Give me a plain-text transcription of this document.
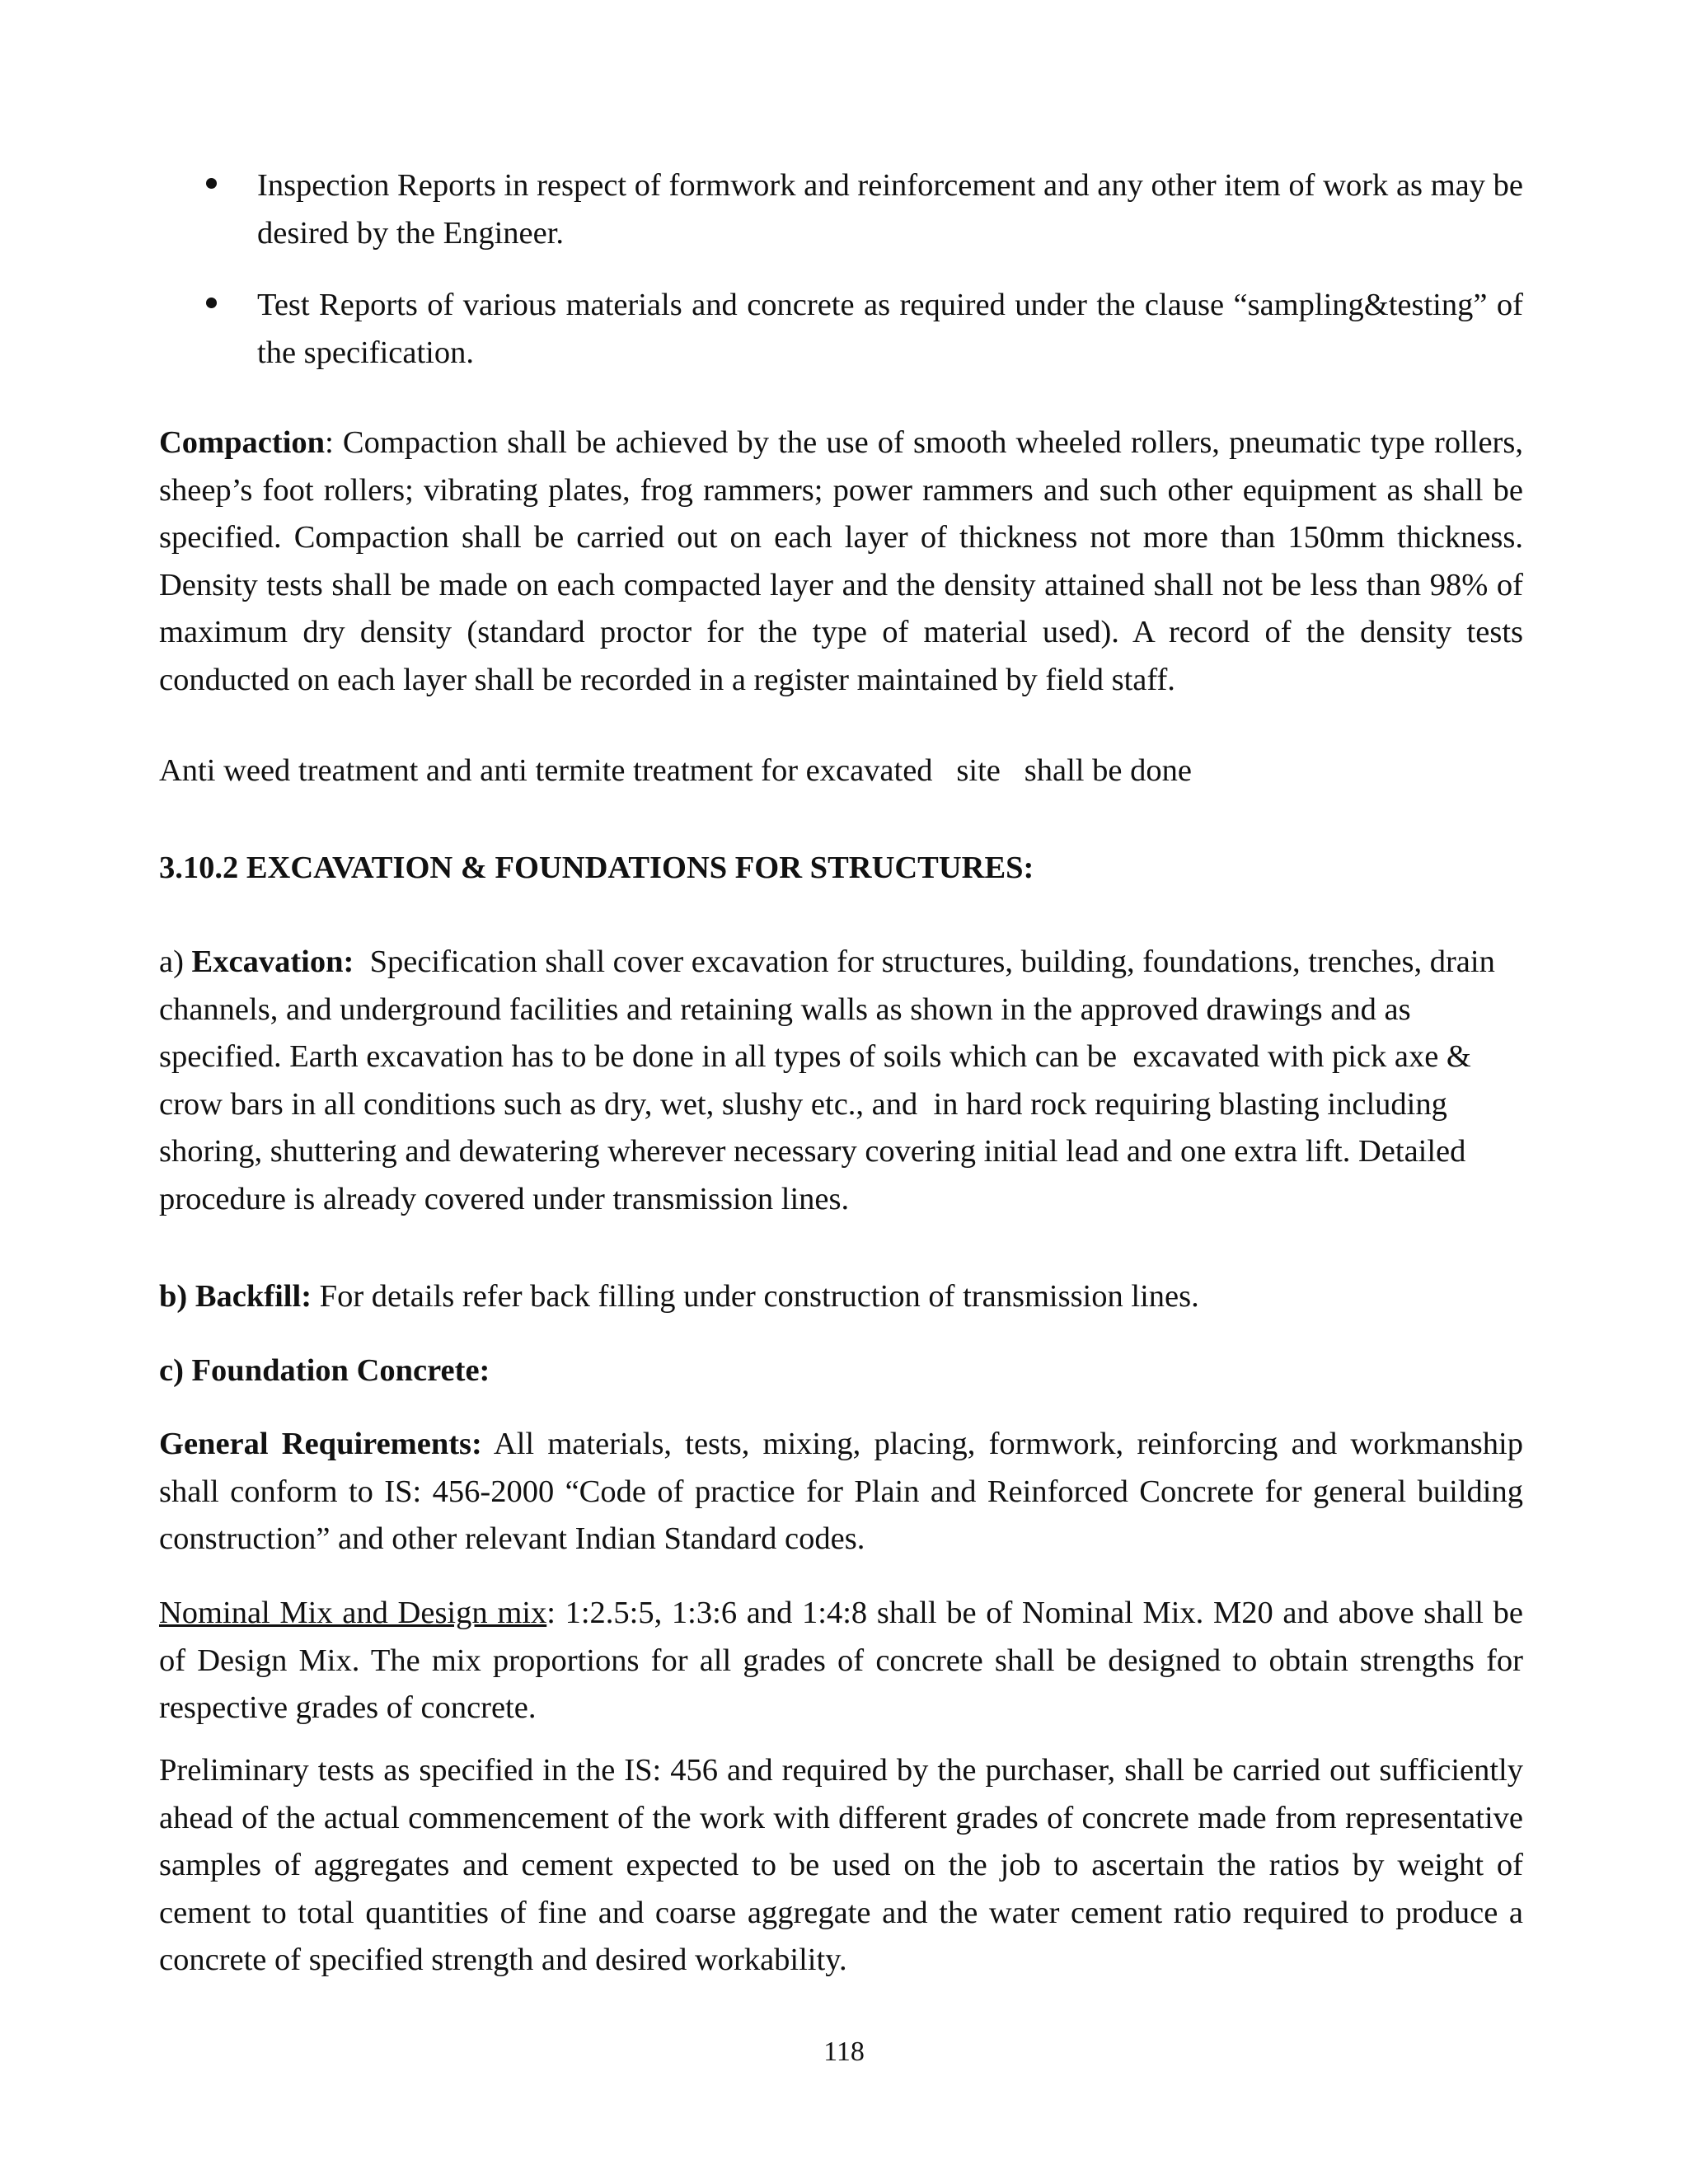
Inspection Reports in respect of formwork and reinforcement and any other item of work as may be desired by the Engineer.
Test Reports of various materials and concrete as required under the clause “sampling&testing” of the specification.
Compaction: Compaction shall be achieved by the use of smooth wheeled rollers, pneumatic type rollers, sheep’s foot rollers; vibrating plates, frog rammers; power rammers and such other equipment as shall be specified. Compaction shall be carried out on each layer of thickness not more than 150mm thickness. Density tests shall be made on each compacted layer and the density attained shall not be less than 98% of maximum dry density (standard proctor for the type of material used). A record of the density tests conducted on each layer shall be recorded in a register maintained by field staff.
Anti weed treatment and anti termite treatment for excavated   site   shall be done
3.10.2 EXCAVATION & FOUNDATIONS FOR STRUCTURES:
a) Excavation:  Specification shall cover excavation for structures, building, foundations, trenches, drain
channels, and underground facilities and retaining walls as shown in the approved drawings and as
specified. Earth excavation has to be done in all types of soils which can be  excavated with pick axe &
crow bars in all conditions such as dry, wet, slushy etc., and  in hard rock requiring blasting including
shoring, shuttering and dewatering wherever necessary covering initial lead and one extra lift. Detailed
procedure is already covered under transmission lines.
b) Backfill: For details refer back filling under construction of transmission lines.
c) Foundation Concrete:
General Requirements: All materials, tests, mixing, placing, formwork, reinforcing and workmanship shall conform to IS: 456-2000 “Code of practice for Plain and Reinforced Concrete for general building construction” and other relevant Indian Standard codes.
Nominal Mix and Design mix: 1:2.5:5, 1:3:6 and 1:4:8 shall be of Nominal Mix. M20 and above shall be of Design Mix. The mix proportions for all grades of concrete shall be designed to obtain strengths for respective grades of concrete.
Preliminary tests as specified in the IS: 456 and required by the purchaser, shall be carried out sufficiently ahead of the actual commencement of the work with different grades of concrete made from representative samples of aggregates and cement expected to be used on the job to ascertain the ratios by weight of cement to total quantities of fine and coarse aggregate and the water cement ratio required to produce a concrete of specified strength and desired workability.
118
